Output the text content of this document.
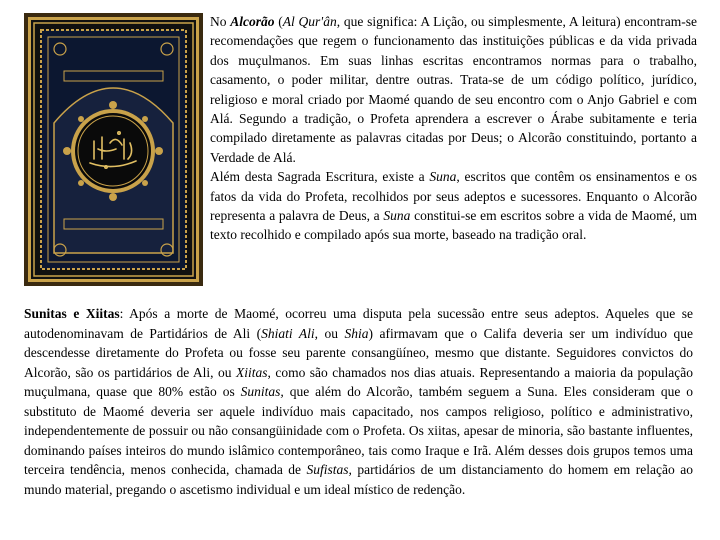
No Alcorão (Al Qur'ân, que significa: A Lição, ou simplesmente, A leitura) encontram-se recomendações que regem o funcionamento das instituições públicas e da vida privada dos muçulmanos. Em suas linhas escritas encontramos normas para o trabalho, casamento, o poder militar, dentre outras. Trata-se de um código político, jurídico, religioso e moral criado por Maomé quando de seu encontro com o Anjo Gabriel e com Alá. Segundo a tradição, o Profeta aprendera a escrever o Árabe subitamente e teria compilado diretamente as palavras citadas por Deus; o Alcorão constituindo, portanto a Verdade de Alá.

Além desta Sagrada Escritura, existe a Suna, escritos que contêm os ensinamentos e os fatos da vida do Profeta, recolhidos por seus adeptos e sucessores. Enquanto o Alcorão representa a palavra de Deus, a Suna constitui-se em escritos sobre a vida de Maomé, um texto recolhido e compilado após sua morte, baseado na tradição oral.

Sunitas e Xiitas: Após a morte de Maomé, ocorreu uma disputa pela sucessão entre seus adeptos. Aqueles que se autodenominavam de Partidários de Ali (Shiati Ali, ou Shia) afirmavam que o Califa deveria ser um indivíduo que descendesse diretamente do Profeta ou fosse seu parente consangüíneo, mesmo que distante. Seguidores convictos do Alcorão, são os partidários de Ali, ou Xiitas, como são chamados nos dias atuais. Representando a maioria da população muçulmana, quase que 80% estão os Sunitas, que além do Alcorão, também seguem a Suna. Eles consideram que o substituto de Maomé deveria ser aquele indivíduo mais capacitado, nos campos religioso, político e administrativo, independentemente de possuir ou não consangüinidade com o Profeta. Os xiitas, apesar de minoria, são bastante influentes, dominando países inteiros do mundo islâmico contemporâneo, tais como Iraque e Irã. Além desses dois grupos temos uma terceira tendência, menos conhecida, chamada de Sufistas, partidários de um distanciamento do homem em relação ao mundo material, pregando o ascetismo individual e um ideal místico de redenção.
